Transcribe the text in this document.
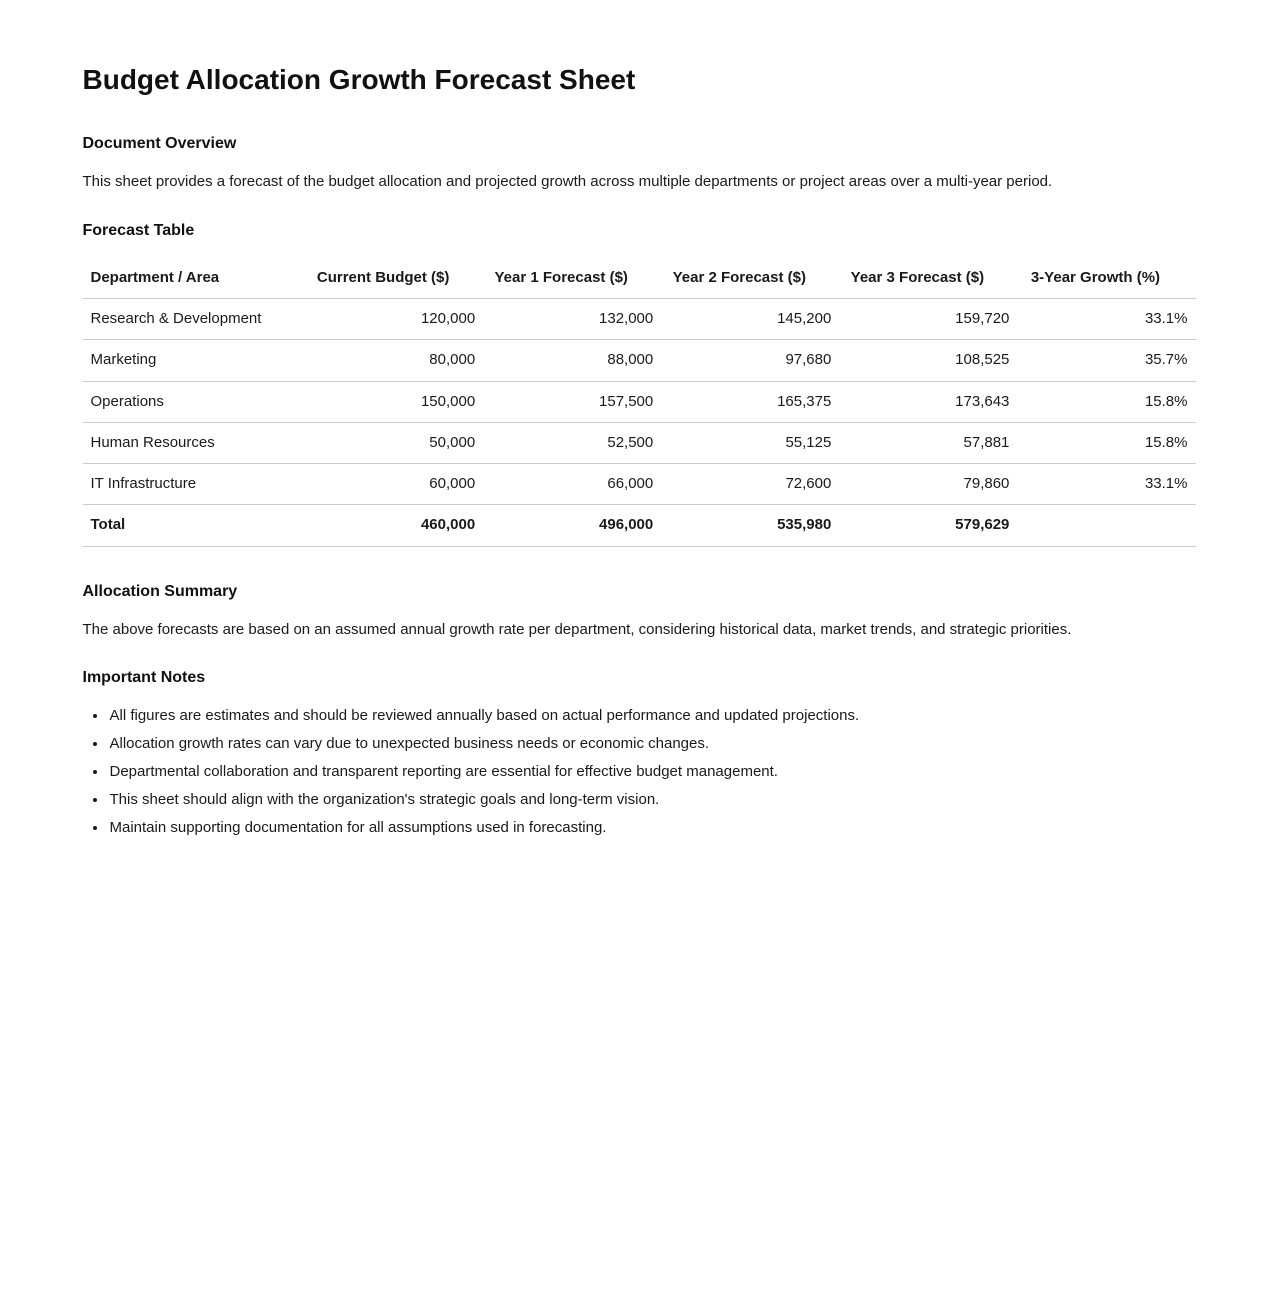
Budget Allocation Growth Forecast Sheet
Document Overview

This sheet provides a forecast of the budget allocation and projected growth across multiple departments or project areas over a multi-year period.

Forecast Table
Department / Area	Current Budget ($)	Year 1 Forecast ($)	Year 2 Forecast ($)	Year 3 Forecast ($)	3-Year Growth (%)
Research & Development	120,000	132,000	145,200	159,720	33.1%
Marketing	80,000	88,000	97,680	108,525	35.7%
Operations	150,000	157,500	165,375	173,643	15.8%
Human Resources	50,000	52,500	55,125	57,881	15.8%
IT Infrastructure	60,000	66,000	72,600	79,860	33.1%
Total	460,000	496,000	535,980	579,629	
Allocation Summary

The above forecasts are based on an assumed annual growth rate per department, considering historical data, market trends, and strategic priorities.

Important Notes
• All figures are estimates and should be reviewed annually based on actual performance and updated projections.
• Allocation growth rates can vary due to unexpected business needs or economic changes.
• Departmental collaboration and transparent reporting are essential for effective budget management.
• This sheet should align with the organization's strategic goals and long-term vision.
• Maintain supporting documentation for all assumptions used in forecasting.
